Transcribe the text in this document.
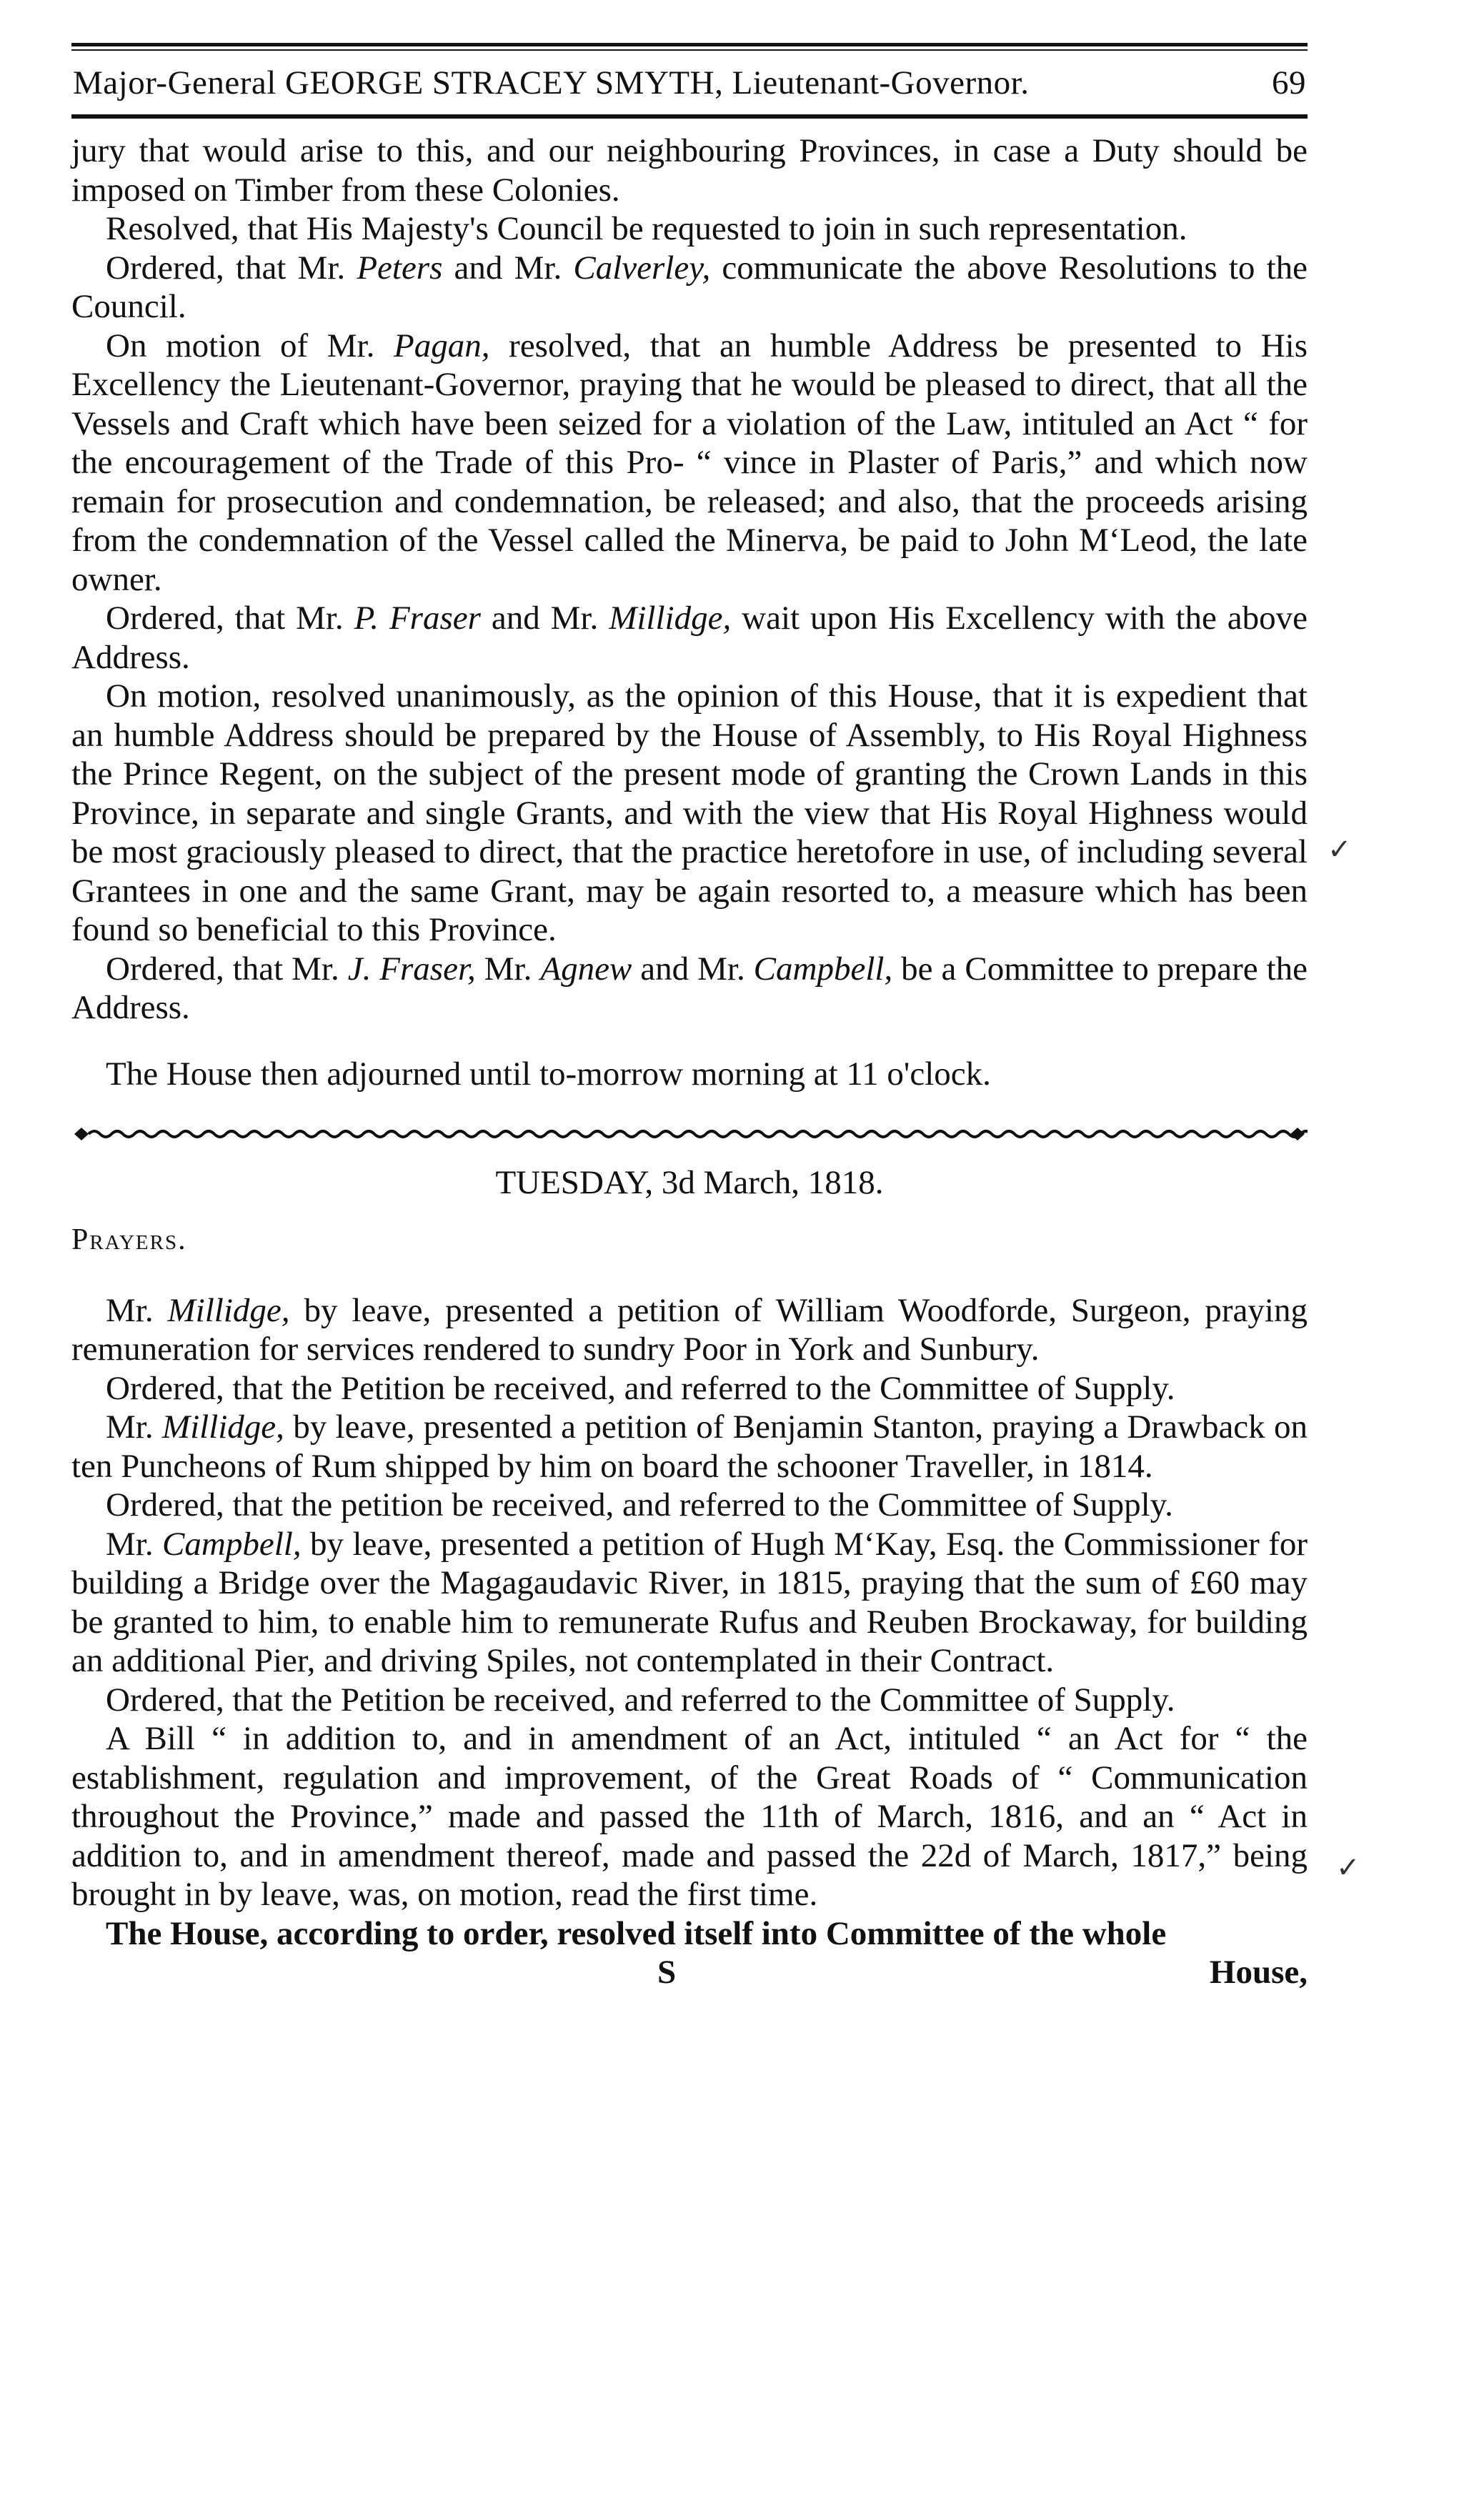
Major-General GEORGE STRACEY SMYTH, Lieutenant-Governor.	69

jury that would arise to this, and our neighbouring Provinces, in case a Duty should be imposed on Timber from these Colonies.

Resolved, that His Majesty's Council be requested to join in such representation.

Ordered, that Mr. Peters and Mr. Calverley, communicate the above Resolutions to the Council.

On motion of Mr. Pagan, resolved, that an humble Address be presented to His Excellency the Lieutenant-Governor, praying that he would be pleased to direct, that all the Vessels and Craft which have been seized for a violation of the Law, intituled an Act “ for the encouragement of the Trade of this Pro- “ vince in Plaster of Paris,” and which now remain for prosecution and condemnation, be released; and also, that the proceeds arising from the condemnation of the Vessel called the Minerva, be paid to John M‘Leod, the late owner.

Ordered, that Mr. P. Fraser and Mr. Millidge, wait upon His Excellency with the above Address.

On motion, resolved unanimously, as the opinion of this House, that it is expedient that an humble Address should be prepared by the House of Assembly, to His Royal Highness the Prince Regent, on the subject of the present mode of granting the Crown Lands in this Province, in separate and single Grants, and with the view that His Royal Highness would be most graciously pleased to direct, that the practice heretofore in use, of including several Grantees in one and the same Grant, may be again resorted to, a measure which has been found so beneficial to this Province.

Ordered, that Mr. J. Fraser, Mr. Agnew and Mr. Campbell, be a Committee to prepare the Address.

The House then adjourned until to-morrow morning at 11 o'clock.

TUESDAY, 3d March, 1818.
Prayers.

Mr. Millidge, by leave, presented a petition of William Woodforde, Surgeon, praying remuneration for services rendered to sundry Poor in York and Sunbury.

Ordered, that the Petition be received, and referred to the Committee of Supply.

Mr. Millidge, by leave, presented a petition of Benjamin Stanton, praying a Drawback on ten Puncheons of Rum shipped by him on board the schooner Traveller, in 1814.

Ordered, that the petition be received, and referred to the Committee of Supply.

Mr. Campbell, by leave, presented a petition of Hugh M‘Kay, Esq. the Commissioner for building a Bridge over the Magagaudavic River, in 1815, praying that the sum of £60 may be granted to him, to enable him to remunerate Rufus and Reuben Brockaway, for building an additional Pier, and driving Spiles, not contemplated in their Contract.

Ordered, that the Petition be received, and referred to the Committee of Supply.

A Bill “ in addition to, and in amendment of an Act, intituled “ an Act for “ the establishment, regulation and improvement, of the Great Roads of “ Communication throughout the Province,” made and passed the 11th of March, 1816, and an “ Act in addition to, and in amendment thereof, made and passed the 22d of March, 1817,” being brought in by leave, was, on motion, read the first time.

The House, according to order, resolved itself into Committee of the whole

S	House,
✓
✓
